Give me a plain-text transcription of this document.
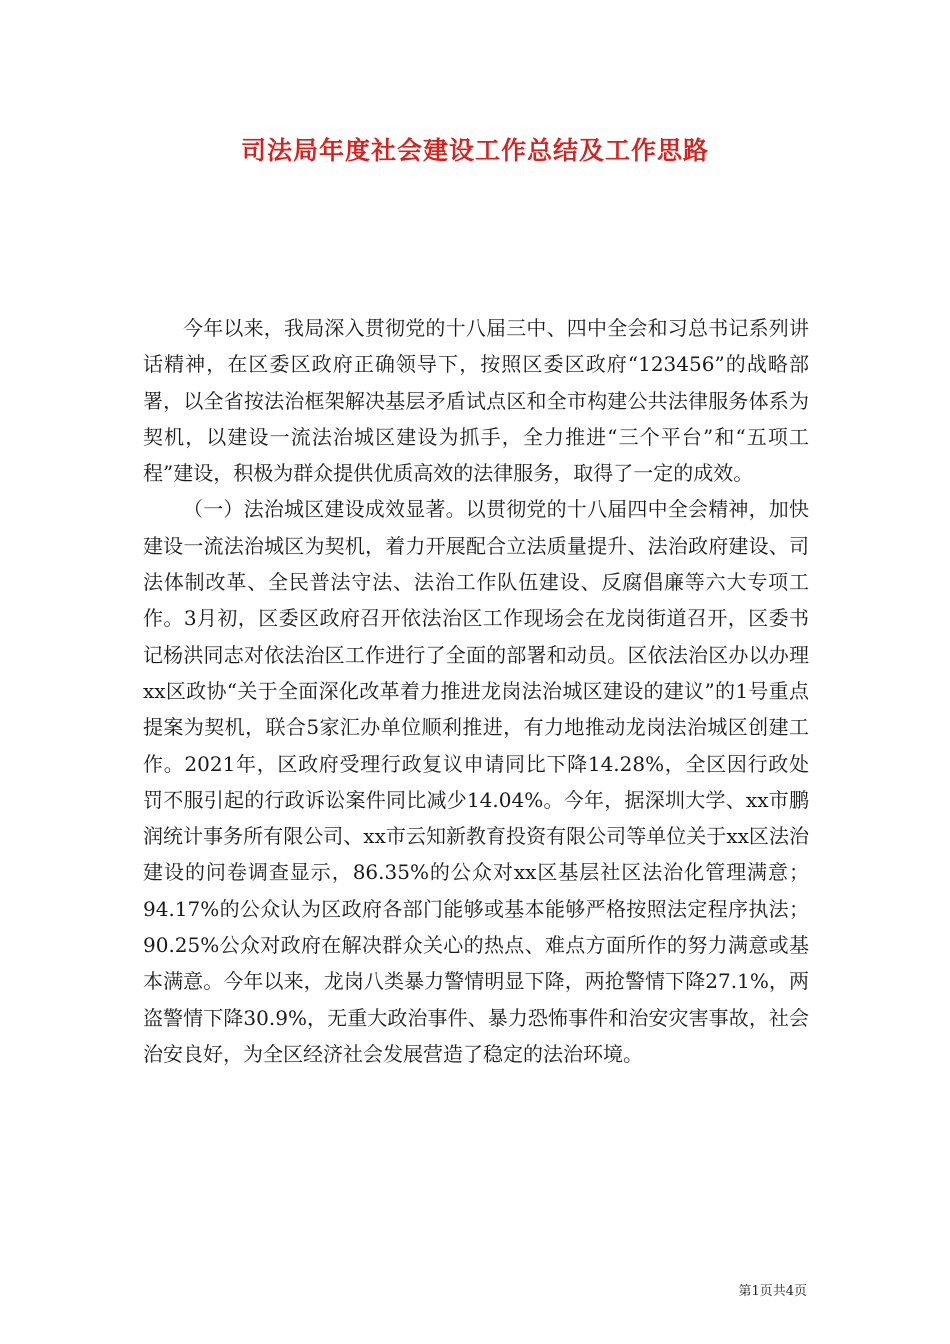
司法局年度社会建设工作总结及工作思路

今年以来，我局深入贯彻党的十八届三中、四中全会和习总书记系列讲话精神，在区委区政府正确领导下，按照区委区政府“123456”的战略部署，以全省按法治框架解决基层矛盾试点区和全市构建公共法律服务体系为契机，以建设一流法治城区建设为抓手，全力推进“三个平台”和“五项工程”建设，积极为群众提供优质高效的法律服务，取得了一定的成效。

（一）法治城区建设成效显著。以贯彻党的十八届四中全会精神，加快建设一流法治城区为契机，着力开展配合立法质量提升、法治政府建设、司法体制改革、全民普法守法、法治工作队伍建设、反腐倡廉等六大专项工作。3月初，区委区政府召开依法治区工作现场会在龙岗街道召开，区委书记杨洪同志对依法治区工作进行了全面的部署和动员。区依法治区办以办理xx区政协“关于全面深化改革着力推进龙岗法治城区建设的建议”的1号重点提案为契机，联合5家汇办单位顺利推进，有力地推动龙岗法治城区创建工作。2021年，区政府受理行政复议申请同比下降14.28%，全区因行政处罚不服引起的行政诉讼案件同比减少14.04%。今年，据深圳大学、xx市鹏润统计事务所有限公司、xx市云知新教育投资有限公司等单位关于xx区法治建设的问卷调查显示，86.35%的公众对xx区基层社区法治化管理满意；94.17%的公众认为区政府各部门能够或基本能够严格按照法定程序执法；90.25%公众对政府在解决群众关心的热点、难点方面所作的努力满意或基本满意。今年以来，龙岗八类暴力警情明显下降，两抢警情下降27.1%，两盗警情下降30.9%，无重大政治事件、暴力恐怖事件和治安灾害事故，社会治安良好，为全区经济社会发展营造了稳定的法治环境。

第1页共4页
